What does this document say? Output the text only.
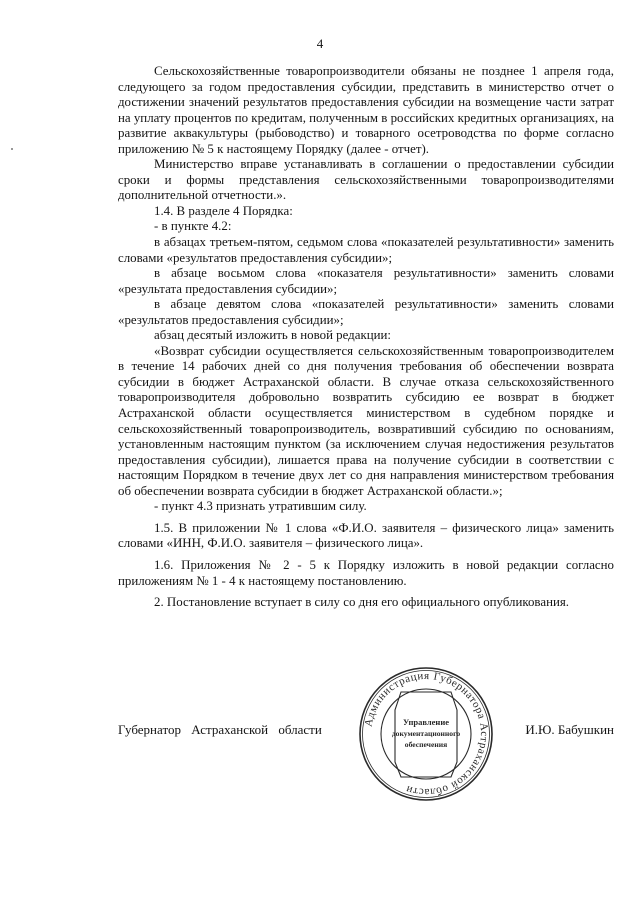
4

Сельскохозяйственные товаропроизводители обязаны не позднее 1 апреля года, следующего за годом предоставления субсидии, представить в министерство отчет о достижении значений результатов предоставления субсидии на возмещение части затрат на уплату процентов по кредитам, полученным в российских кредитных организациях, на развитие аквакультуры (рыбоводство) и товарного осетроводства по форме согласно приложению № 5 к настоящему Порядку (далее - отчет).

Министерство вправе устанавливать в соглашении о предоставлении субсидии сроки и формы представления сельскохозяйственными товаропроизводителями дополнительной отчетности.».

1.4. В разделе 4 Порядка:

- в пункте 4.2:

в абзацах третьем-пятом, седьмом слова «показателей результативности» заменить словами «результатов предоставления субсидии»;

в абзаце восьмом слова «показателя результативности» заменить словами «результата предоставления субсидии»;

в абзаце девятом слова «показателей результативности» заменить словами «результатов предоставления субсидии»;

абзац десятый изложить в новой редакции:

«Возврат субсидии осуществляется сельскохозяйственным товаропроизводителем в течение 14 рабочих дней со дня получения требования об обеспечении возврата субсидии в бюджет Астраханской области. В случае отказа сельскохозяйственного товаропроизводителя добровольно возвратить субсидию ее возврат в бюджет Астраханской области осуществляется министерством в судебном порядке и сельскохозяйственный товаропроизводитель, возвративший субсидию по основаниям, установленным настоящим пунктом (за исключением случая недостижения результатов предоставления субсидии), лишается права на получение субсидии в соответствии с настоящим Порядком в течение двух лет со дня направления министерством требования об обеспечении возврата субсидии в бюджет Астраханской области.»;

- пункт 4.3 признать утратившим силу.

1.5. В приложении № 1 слова «Ф.И.О. заявителя – физического лица» заменить словами «ИНН, Ф.И.О. заявителя – физического лица».

1.6. Приложения № 2 - 5 к Порядку изложить в новой редакции согласно приложениям № 1 - 4 к настоящему постановлению.

2. Постановление вступает в силу со дня его официального опубликования.

Губернатор Астраханской области	И.Ю. Бабушкин
Администрация Губернатора Астраханской области
Управление
документационного
обеспечения
